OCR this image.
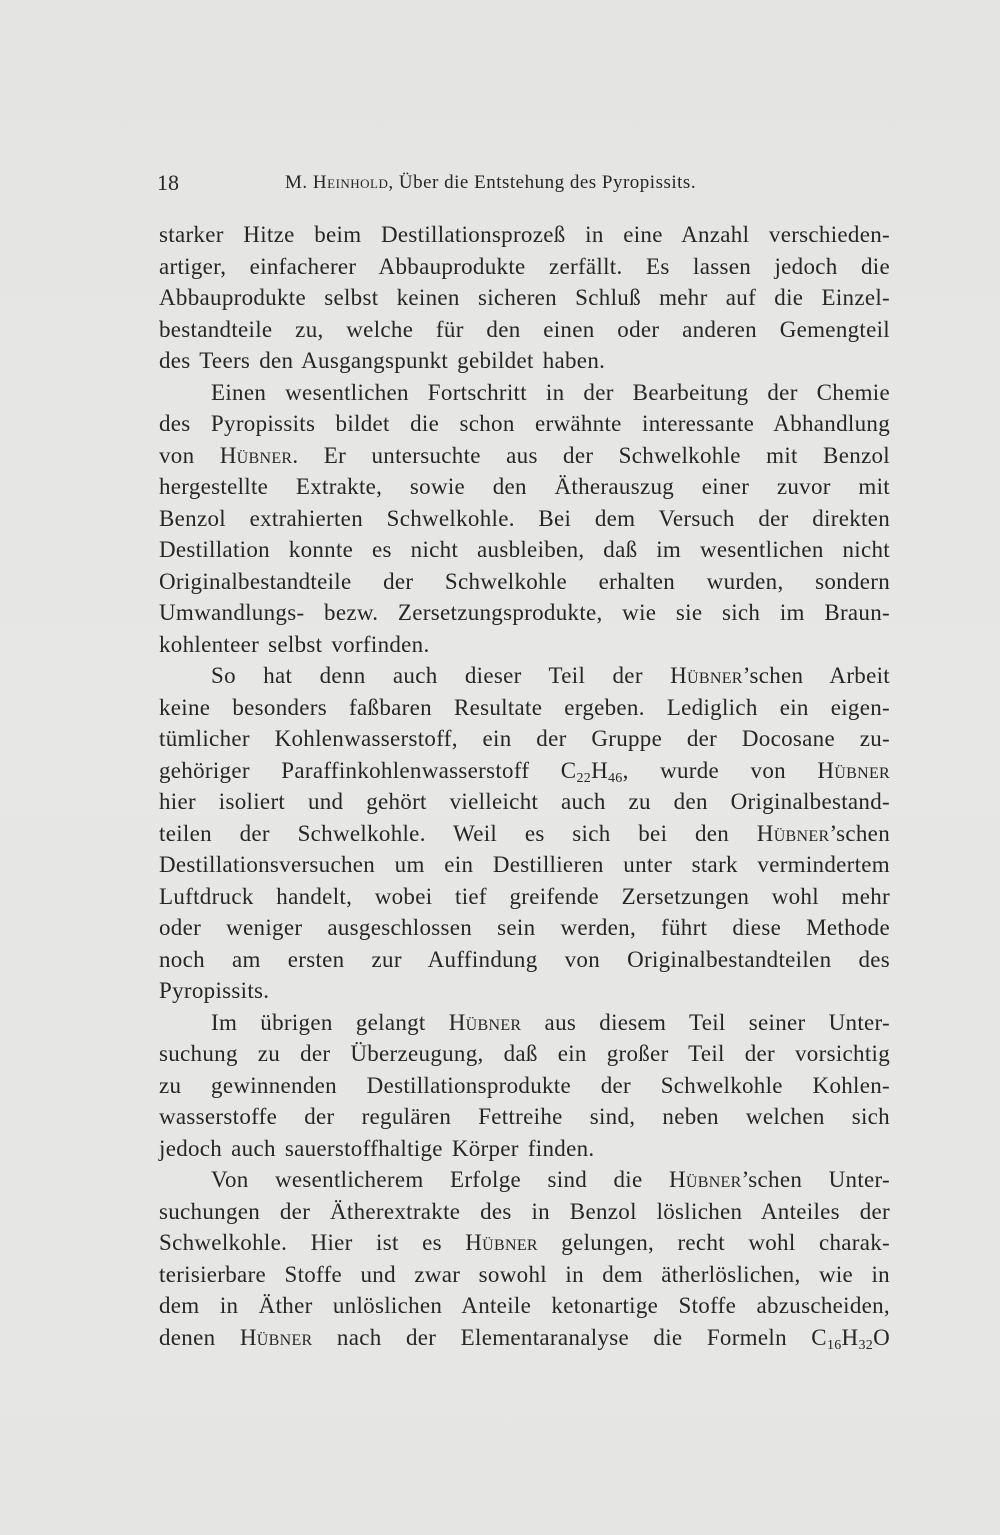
18	M. Heinhold, Über die Entstehung des Pyropissits.
starker Hitze beim Destillationsprozeß in eine Anzahl verschieden-
artiger, einfacherer Abbauprodukte zerfällt. Es lassen jedoch die
Abbauprodukte selbst keinen sicheren Schluß mehr auf die Einzel-
bestandteile zu, welche für den einen oder anderen Gemengteil
des Teers den Ausgangspunkt gebildet haben.
Einen wesentlichen Fortschritt in der Bearbeitung der Chemie
des Pyropissits bildet die schon erwähnte interessante Abhandlung
von Hübner. Er untersuchte aus der Schwelkohle mit Benzol
hergestellte Extrakte, sowie den Ätherauszug einer zuvor mit
Benzol extrahierten Schwelkohle. Bei dem Versuch der direkten
Destillation konnte es nicht ausbleiben, daß im wesentlichen nicht
Originalbestandteile der Schwelkohle erhalten wurden, sondern
Umwandlungs- bezw. Zersetzungsprodukte, wie sie sich im Braun-
kohlenteer selbst vorfinden.
So hat denn auch dieser Teil der Hübner’schen Arbeit
keine besonders faßbaren Resultate ergeben. Lediglich ein eigen-
tümlicher Kohlenwasserstoff, ein der Gruppe der Docosane zu-
gehöriger Paraffinkohlenwasserstoff $C_{22}H_{46}$, wurde von Hübner
hier isoliert und gehört vielleicht auch zu den Originalbestand-
teilen der Schwelkohle. Weil es sich bei den Hübner’schen
Destillationsversuchen um ein Destillieren unter stark vermindertem
Luftdruck handelt, wobei tief greifende Zersetzungen wohl mehr
oder weniger ausgeschlossen sein werden, führt diese Methode
noch am ersten zur Auffindung von Originalbestandteilen des
Pyropissits.
Im übrigen gelangt Hübner aus diesem Teil seiner Unter-
suchung zu der Überzeugung, daß ein großer Teil der vorsichtig
zu gewinnenden Destillationsprodukte der Schwelkohle Kohlen-
wasserstoffe der regulären Fettreihe sind, neben welchen sich
jedoch auch sauerstoffhaltige Körper finden.
Von wesentlicherem Erfolge sind die Hübner’schen Unter-
suchungen der Ätherextrakte des in Benzol löslichen Anteiles der
Schwelkohle. Hier ist es Hübner gelungen, recht wohl charak-
terisierbare Stoffe und zwar sowohl in dem ätherlöslichen, wie in
dem in Äther unlöslichen Anteile ketonartige Stoffe abzuscheiden,
denen Hübner nach der Elementaranalyse die Formeln $C_{16}H_{32}O$
